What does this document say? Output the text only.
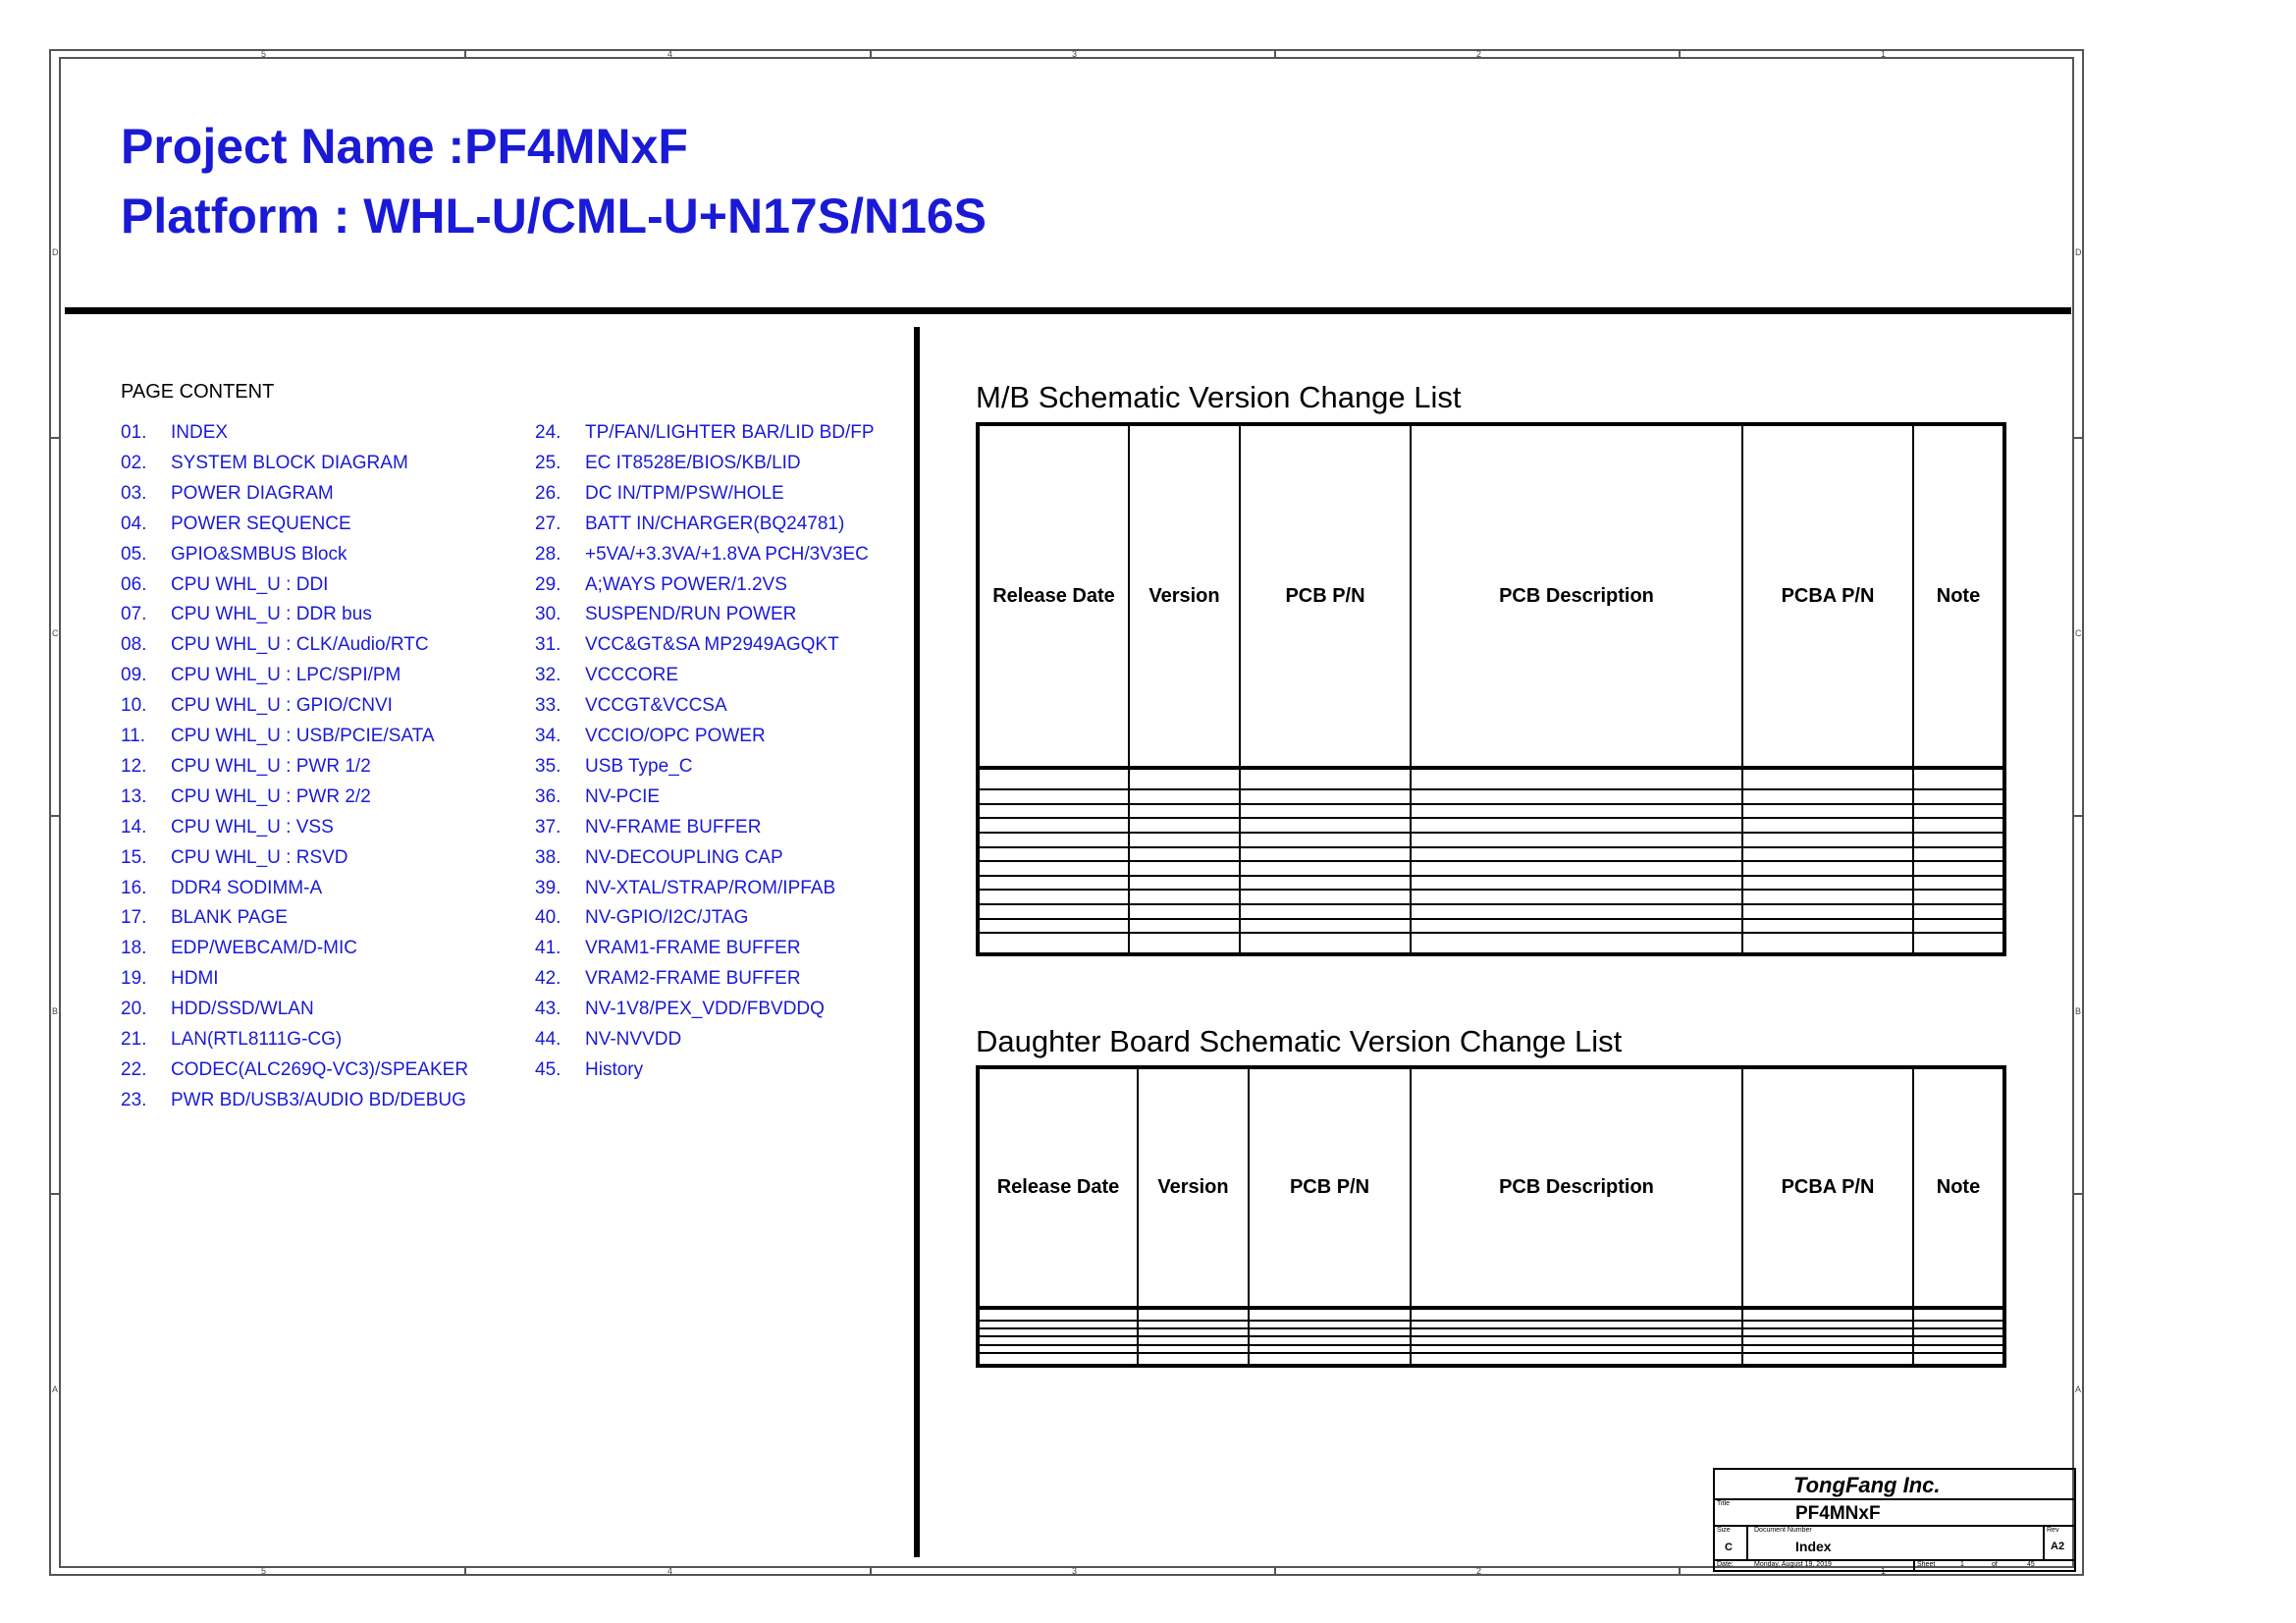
5	4	3	2	1
5	4	3	2	1
D
C
B
A
D
C
B
A
Project Name :PF4MNxF
Platform : WHL-U/CML-U+N17S/N16S
PAGE CONTENT
01. INDEX
02. SYSTEM BLOCK DIAGRAM
03. POWER DIAGRAM
04. POWER SEQUENCE
05. GPIO&SMBUS Block
06. CPU WHL_U : DDI
07. CPU WHL_U : DDR bus
08. CPU WHL_U : CLK/Audio/RTC
09. CPU WHL_U : LPC/SPI/PM
10. CPU WHL_U : GPIO/CNVI
11. CPU WHL_U : USB/PCIE/SATA
12. CPU WHL_U : PWR 1/2
13. CPU WHL_U : PWR 2/2
14. CPU WHL_U : VSS
15. CPU WHL_U : RSVD
16. DDR4 SODIMM-A
17. BLANK PAGE
18. EDP/WEBCAM/D-MIC
19. HDMI
20. HDD/SSD/WLAN
21. LAN(RTL8111G-CG)
22. CODEC(ALC269Q-VC3)/SPEAKER
23. PWR BD/USB3/AUDIO BD/DEBUG
24. TP/FAN/LIGHTER BAR/LID BD/FP
25. EC IT8528E/BIOS/KB/LID
26. DC IN/TPM/PSW/HOLE
27. BATT IN/CHARGER(BQ24781)
28. +5VA/+3.3VA/+1.8VA PCH/3V3EC
29. A;WAYS POWER/1.2VS
30. SUSPEND/RUN POWER
31. VCC&GT&SA MP2949AGQKT
32. VCCCORE
33. VCCGT&VCCSA
34. VCCIO/OPC POWER
35. USB Type_C
36. NV-PCIE
37. NV-FRAME BUFFER
38. NV-DECOUPLING CAP
39. NV-XTAL/STRAP/ROM/IPFAB
40. NV-GPIO/I2C/JTAG
41. VRAM1-FRAME BUFFER
42. VRAM2-FRAME BUFFER
43. NV-1V8/PEX_VDD/FBVDDQ
44. NV-NVVDD
45. History
M/B Schematic Version Change List
Release Date	Version	PCB P/N	PCB Description	PCBA P/N	Note

Daughter Board Schematic Version Change List
Release Date	Version	PCB P/N	PCB Description	PCBA P/N	Note

TongFang Inc.
Title	PF4MNxF
Size
C
Document Number
Index
Rev
A2
Date:	Monday, August 19, 2019	Sheet	1	of	45
